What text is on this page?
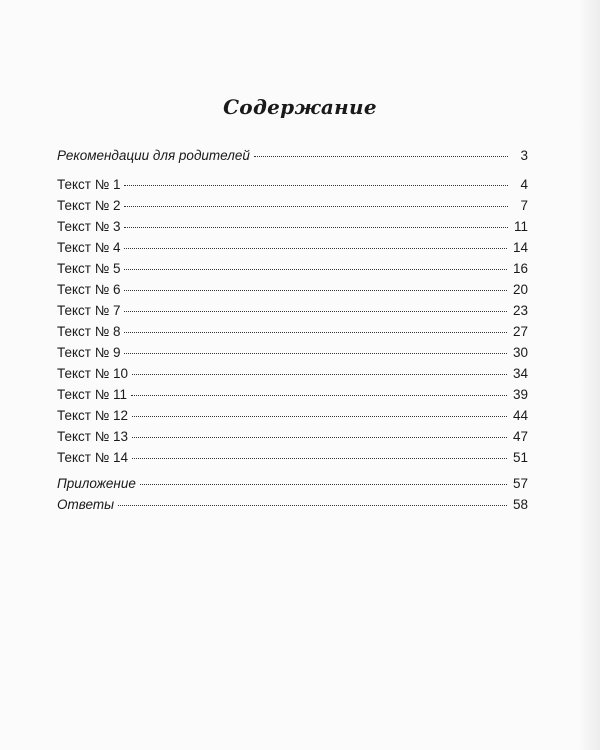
Содержание
Рекомендации для родителей	3
Текст № 1	4
Текст № 2	7
Текст № 3	11
Текст № 4	14
Текст № 5	16
Текст № 6	20
Текст № 7	23
Текст № 8	27
Текст № 9	30
Текст № 10	34
Текст № 11	39
Текст № 12	44
Текст № 13	47
Текст № 14	51
Приложение	57
Ответы	58
